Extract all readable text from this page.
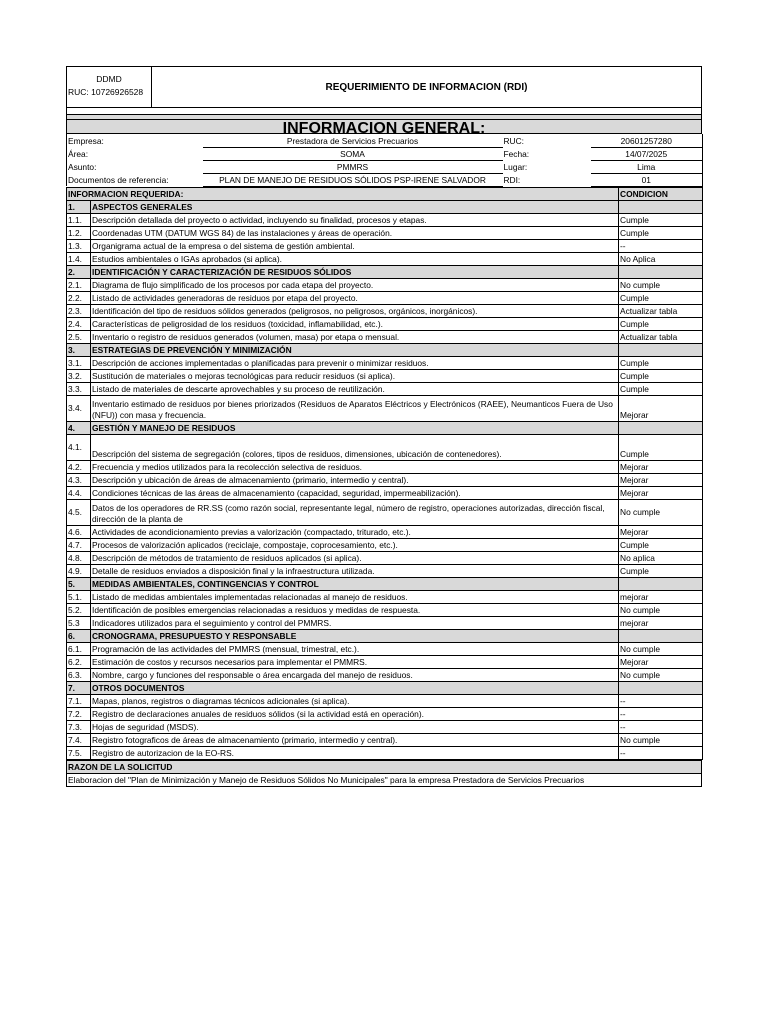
DDMD
RUC: 10726926528	REQUERIMIENTO DE INFORMACION (RDI)
INFORMACION GENERAL:
Empresa:	Prestadora de Servicios Precuarios	RUC:		20601257280
Área:	SOMA	Fecha:		14/07/2025
Asunto:	PMMRS	Lugar:		Lima
Documentos de referencia:	PLAN DE MANEJO DE RESIDUOS SÓLIDOS PSP-IRENE SALVADOR	RDI:		01
INFORMACION REQUERIDA:		CONDICION
1.	ASPECTOS GENERALES	
1.1.	Descripción detallada del proyecto o actividad, incluyendo su finalidad, procesos y etapas.	Cumple
1.2.	Coordenadas UTM (DATUM WGS 84) de las instalaciones y áreas de operación.	Cumple
1.3.	Organigrama actual de la empresa o del sistema de gestión ambiental.	--
1.4.	Estudios ambientales o IGAs aprobados (si aplica).	No Aplica
2.	IDENTIFICACIÓN Y CARACTERIZACIÓN DE RESIDUOS SÓLIDOS	
2.1.	Diagrama de flujo simplificado de los procesos por cada etapa del proyecto.	No cumple
2.2.	Listado de actividades generadoras de residuos por etapa del proyecto.	Cumple
2.3.	Identificación del tipo de residuos sólidos generados (peligrosos, no peligrosos, orgánicos, inorgánicos).	Actualizar tabla
2.4.	Características de peligrosidad de los residuos (toxicidad, inflamabilidad, etc.).	Cumple
2.5.	Inventario o registro de residuos generados (volumen, masa) por etapa o mensual.	Actualizar tabla
3.	ESTRATEGIAS DE PREVENCIÓN Y MINIMIZACIÓN	
3.1.	Descripción de acciones implementadas o planificadas para prevenir o minimizar residuos.	Cumple
3.2.	Sustitución de materiales o mejoras tecnológicas para reducir residuos (si aplica).	Cumple
3.3.	Listado de materiales de descarte aprovechables y su proceso de reutilización.	Cumple
3.4.	Inventario estimado de residuos por bienes priorizados (Residuos de Aparatos Eléctricos y Electrónicos (RAEE), Neumanticos Fuera de Uso (NFU)) con masa y frecuencia.	Mejorar
4.	GESTIÓN Y MANEJO DE RESIDUOS	
4.1.	Descripción del sistema de segregación (colores, tipos de residuos, dimensiones, ubicación de contenedores).	Cumple
4.2.	Frecuencia y medios utilizados para la recolección selectiva de residuos.	Mejorar
4.3.	Descripción y ubicación de áreas de almacenamiento (primario, intermedio y central).	Mejorar
4.4.	Condiciones técnicas de las áreas de almacenamiento (capacidad, seguridad, impermeabilización).	Mejorar
4.5.	Datos de los operadores de RR.SS (como razón social, representante legal, número de registro, operaciones autorizadas, dirección fiscal, dirección de la planta de	No cumple
4.6.	Actividades de acondicionamiento previas a valorización (compactado, triturado, etc.).	Mejorar
4.7.	Procesos de valorización aplicados (reciclaje, compostaje, coprocesamiento, etc.).	Cumple
4.8.	Descripción de métodos de tratamiento de residuos aplicados (si aplica).	No aplica
4.9.	Detalle de residuos enviados a disposición final y la infraestructura utilizada.	Cumple
5.	MEDIDAS AMBIENTALES, CONTINGENCIAS Y CONTROL	
5.1.	Listado de medidas ambientales implementadas relacionadas al manejo de residuos.	mejorar
5.2.	Identificación de posibles emergencias relacionadas a residuos y medidas de respuesta.	No cumple
5.3	Indicadores utilizados para el seguimiento y control del PMMRS.	mejorar
6.	CRONOGRAMA, PRESUPUESTO Y RESPONSABLE	
6.1.	Programación de las actividades del PMMRS (mensual, trimestral, etc.).	No cumple
6.2.	Estimación de costos y recursos necesarios para implementar el PMMRS.	Mejorar
6.3.	Nombre, cargo y funciones del responsable o área encargada del manejo de residuos.	No cumple
7.	OTROS DOCUMENTOS	
7.1.	Mapas, planos, registros o diagramas técnicos adicionales (si aplica).	--
7.2.	Registro de declaraciones anuales de residuos sólidos (si la actividad está en operación).	--
7.3.	Hojas de seguridad (MSDS).	--
7.4.	Registro fotograficos de áreas de almacenamiento (primario, intermedio y central).	No cumple
7.5.	Registro de autorizacion de la EO-RS.	--
RAZON DE LA SOLICITUD
Elaboracion del "Plan de Minimización y Manejo de Residuos Sólidos No Municipales" para la empresa Prestadora de Servicios Precuarios
